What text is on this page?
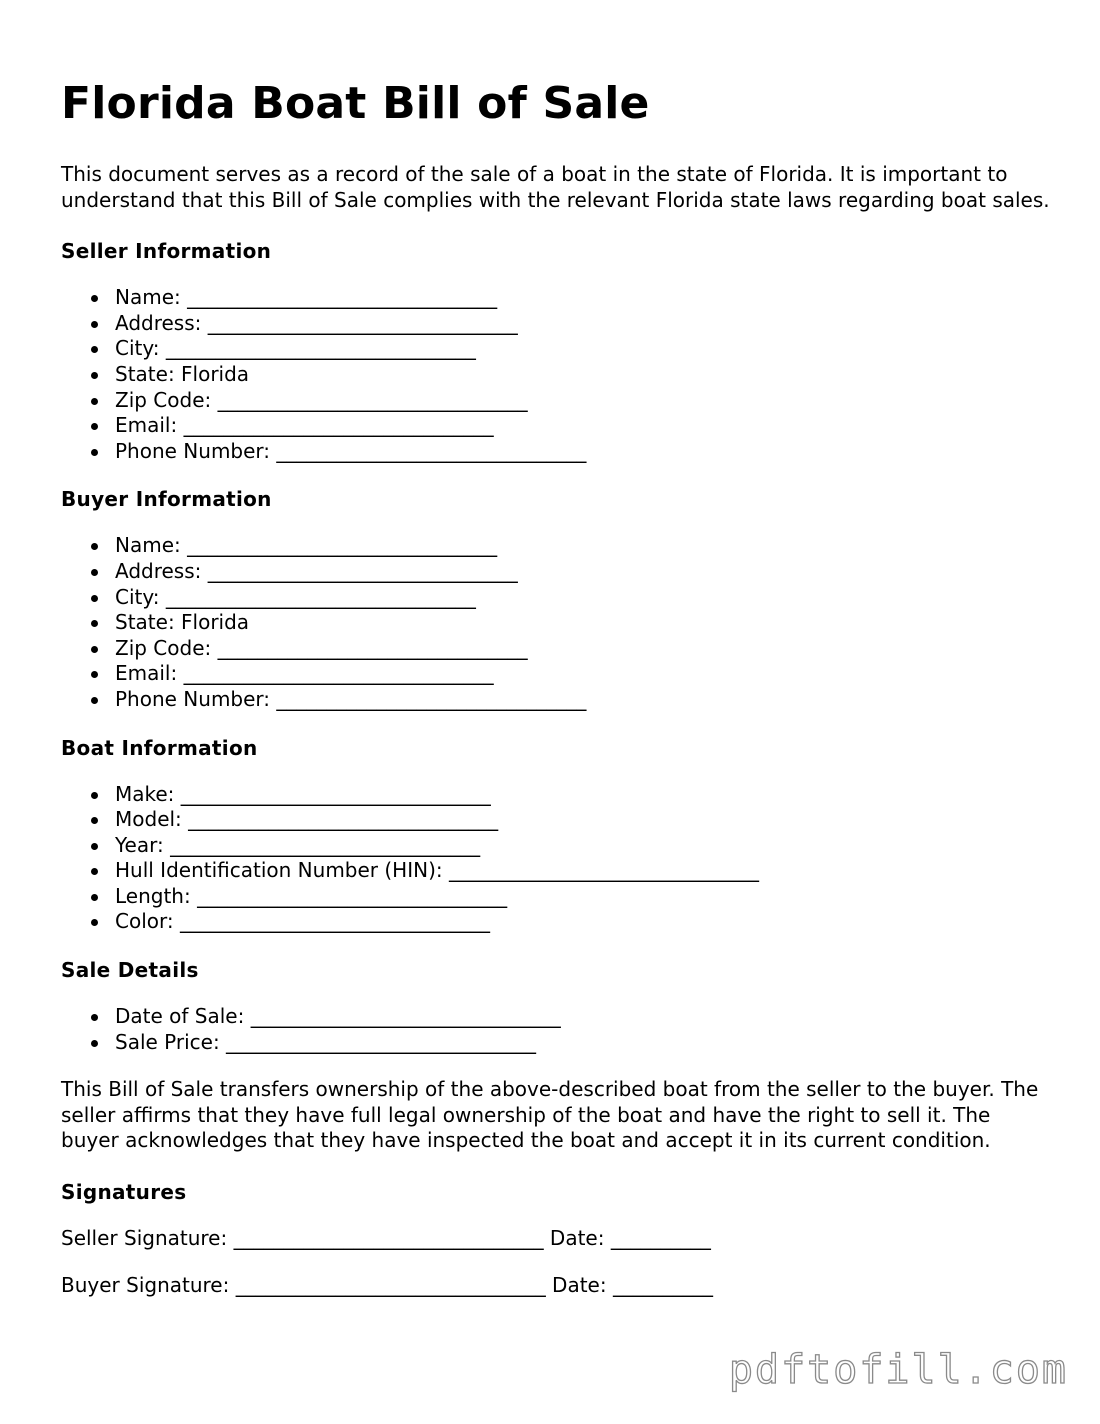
Florida Boat Bill of Sale

This document serves as a record of the sale of a boat in the state of Florida. It is important to understand that this Bill of Sale complies with the relevant Florida state laws regarding boat sales.

Seller Information
Name: _______________________________
Address: _______________________________
City: _______________________________
State: Florida
Zip Code: _______________________________
Email: _______________________________
Phone Number: _______________________________
Buyer Information
Name: _______________________________
Address: _______________________________
City: _______________________________
State: Florida
Zip Code: _______________________________
Email: _______________________________
Phone Number: _______________________________
Boat Information
Make: _______________________________
Model: _______________________________
Year: _______________________________
Hull Identification Number (HIN): _______________________________
Length: _______________________________
Color: _______________________________
Sale Details
Date of Sale: _______________________________
Sale Price: _______________________________

This Bill of Sale transfers ownership of the above-described boat from the seller to the buyer. The seller affirms that they have full legal ownership of the boat and have the right to sell it. The buyer acknowledges that they have inspected the boat and accept it in its current condition.

Signatures
Seller Signature: _______________________________ Date: __________
Buyer Signature: _______________________________ Date: __________
pdftofill.com
